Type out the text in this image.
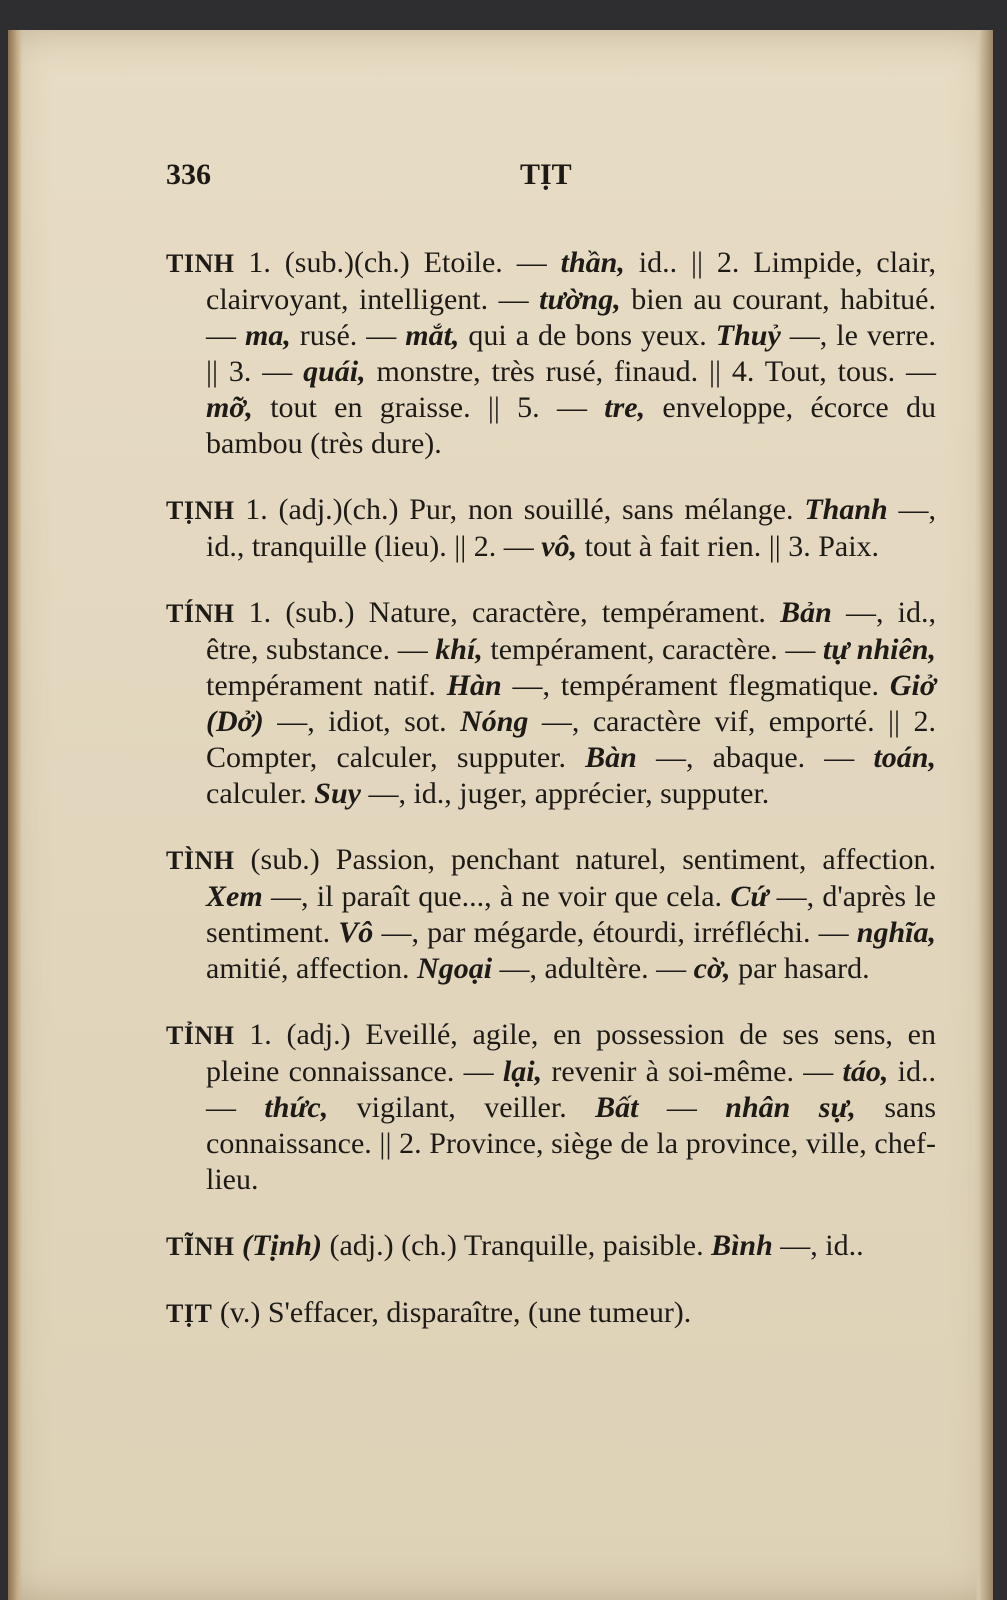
336	TỊT

TINH 1. (sub.)(ch.) Etoile. — thần, id.. || 2. Limpide, clair, clairvoyant, intelligent. — tường, bien au courant, habitué. — ma, rusé. — mắt, qui a de bons yeux. Thuỷ —, le verre. || 3. — quái, monstre, très rusé, finaud. || 4. Tout, tous. — mỡ, tout en graisse. || 5. — tre, enveloppe, écorce du bambou (très dure).

TỊNH 1. (adj.)(ch.) Pur, non souillé, sans mélange. Thanh —, id., tranquille (lieu). || 2. — vô, tout à fait rien. || 3. Paix.

TÍNH 1. (sub.) Nature, caractère, tempérament. Bản —, id., être, substance. — khí, tempérament, caractère. — tự nhiên, tempérament natif. Hàn —, tempérament flegmatique. Giở (Dở) —, idiot, sot. Nóng —, caractère vif, emporté. || 2. Compter, calculer, supputer. Bàn —, abaque. — toán, calculer. Suy —, id., juger, apprécier, supputer.

TÌNH (sub.) Passion, penchant naturel, sentiment, affection. Xem —, il paraît que..., à ne voir que cela. Cứ —, d'après le sentiment. Vô —, par mégarde, étourdi, irréfléchi. — nghĩa, amitié, affection. Ngoại —, adultère. — cờ, par hasard.

TỈNH 1. (adj.) Eveillé, agile, en possession de ses sens, en pleine connaissance. — lại, revenir à soi-même. — táo, id.. — thức, vigilant, veiller. Bất — nhân sự, sans connaissance. || 2. Province, siège de la province, ville, chef-lieu.

TĨNH (Tịnh) (adj.) (ch.) Tranquille, paisible. Bình —, id..

TỊT (v.) S'effacer, disparaître, (une tumeur).
